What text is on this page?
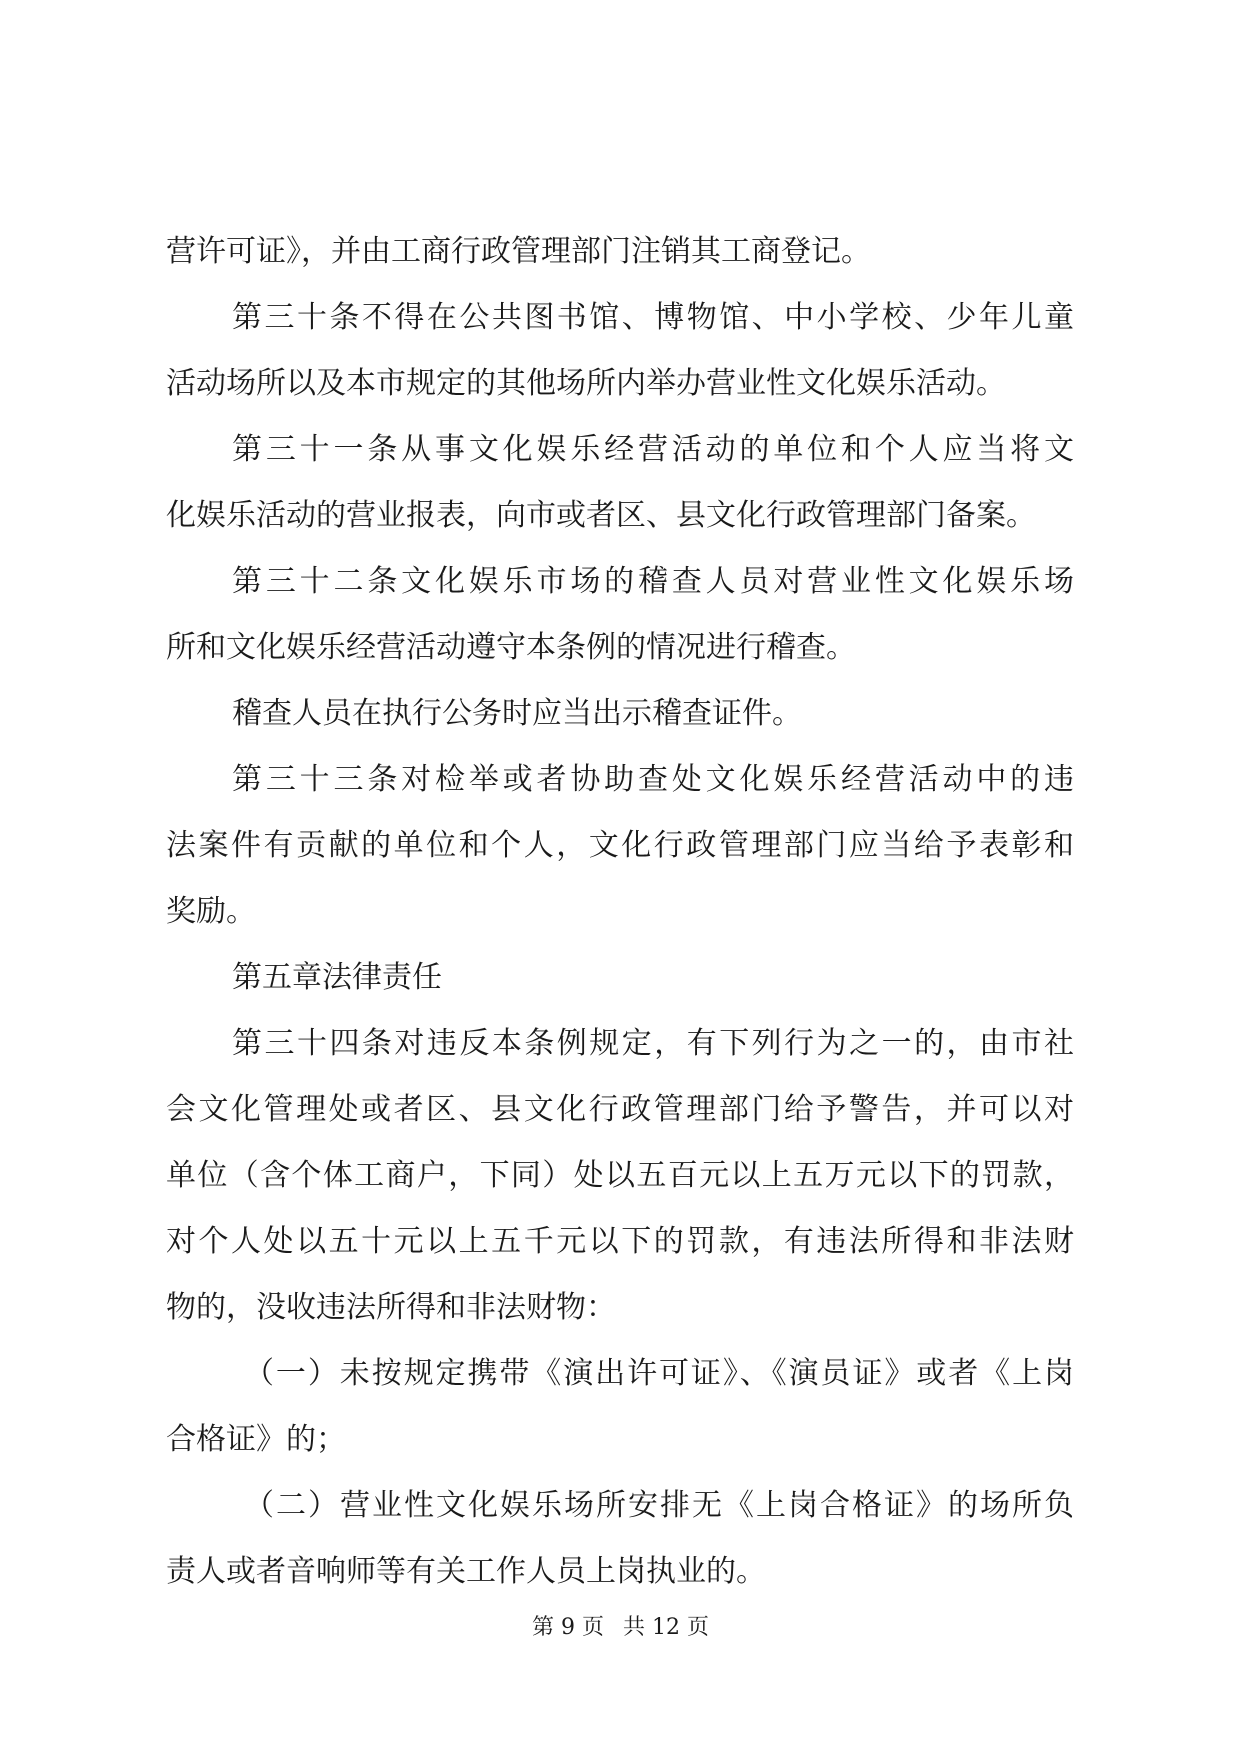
营许可证》，并由工商行政管理部门注销其工商登记。
第三十条不得在公共图书馆、博物馆、中小学校、少年儿童
活动场所以及本市规定的其他场所内举办营业性文化娱乐活动。
第三十一条从事文化娱乐经营活动的单位和个人应当将文
化娱乐活动的营业报表，向市或者区、县文化行政管理部门备案。
第三十二条文化娱乐市场的稽查人员对营业性文化娱乐场
所和文化娱乐经营活动遵守本条例的情况进行稽查。
稽查人员在执行公务时应当出示稽查证件。
第三十三条对检举或者协助查处文化娱乐经营活动中的违
法案件有贡献的单位和个人，文化行政管理部门应当给予表彰和
奖励。
第五章法律责任
第三十四条对违反本条例规定，有下列行为之一的，由市社
会文化管理处或者区、县文化行政管理部门给予警告，并可以对
单位（含个体工商户，下同）处以五百元以上五万元以下的罚款，
对个人处以五十元以上五千元以下的罚款，有违法所得和非法财
物的，没收违法所得和非法财物：
（一）未按规定携带《演出许可证》、《演员证》或者《上岗
合格证》的；
（二）营业性文化娱乐场所安排无《上岗合格证》的场所负
责人或者音响师等有关工作人员上岗执业的。
第 9 页 共 12 页
